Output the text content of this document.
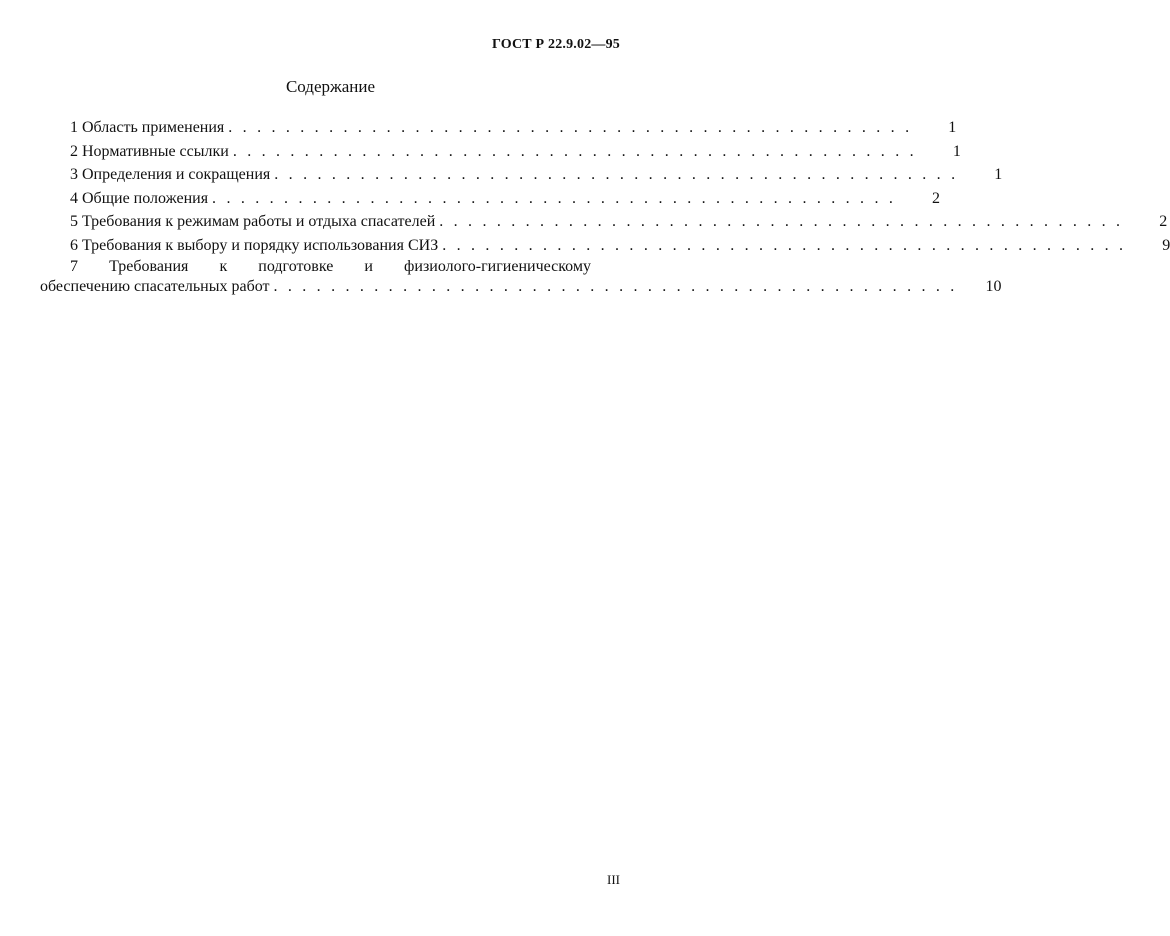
ГОСТ Р 22.9.02—95
Содержание
1 Область применения . . . . . . . . . . . . . . . . . . . . . . . . . . . . . . . . . . . . . . . . . . . . . . . .	1
2 Нормативные ссылки . . . . . . . . . . . . . . . . . . . . . . . . . . . . . . . . . . . . . . . . . . . . . . . .	1
3 Определения и сокращения . . . . . . . . . . . . . . . . . . . . . . . . . . . . . . . . . . . . . . . . . . . . . . . .	1
4 Общие положения . . . . . . . . . . . . . . . . . . . . . . . . . . . . . . . . . . . . . . . . . . . . . . . .	2
5 Требования к режимам работы и отдыха спасателей . . . . . . . . . . . . . . . . . . . . . . . . . . . . . . . . . . . . . . . . . . . . . . . .	2
6 Требования к выбору и порядку использования СИЗ . . . . . . . . . . . . . . . . . . . . . . . . . . . . . . . . . . . . . . . . . . . . . . . .	9
7 Требования к подготовке и физиолого-гигиеническому
обеспечению спасательных работ . . . . . . . . . . . . . . . . . . . . . . . . . . . . . . . . . . . . . . . . . . . . . . . .	10
III
